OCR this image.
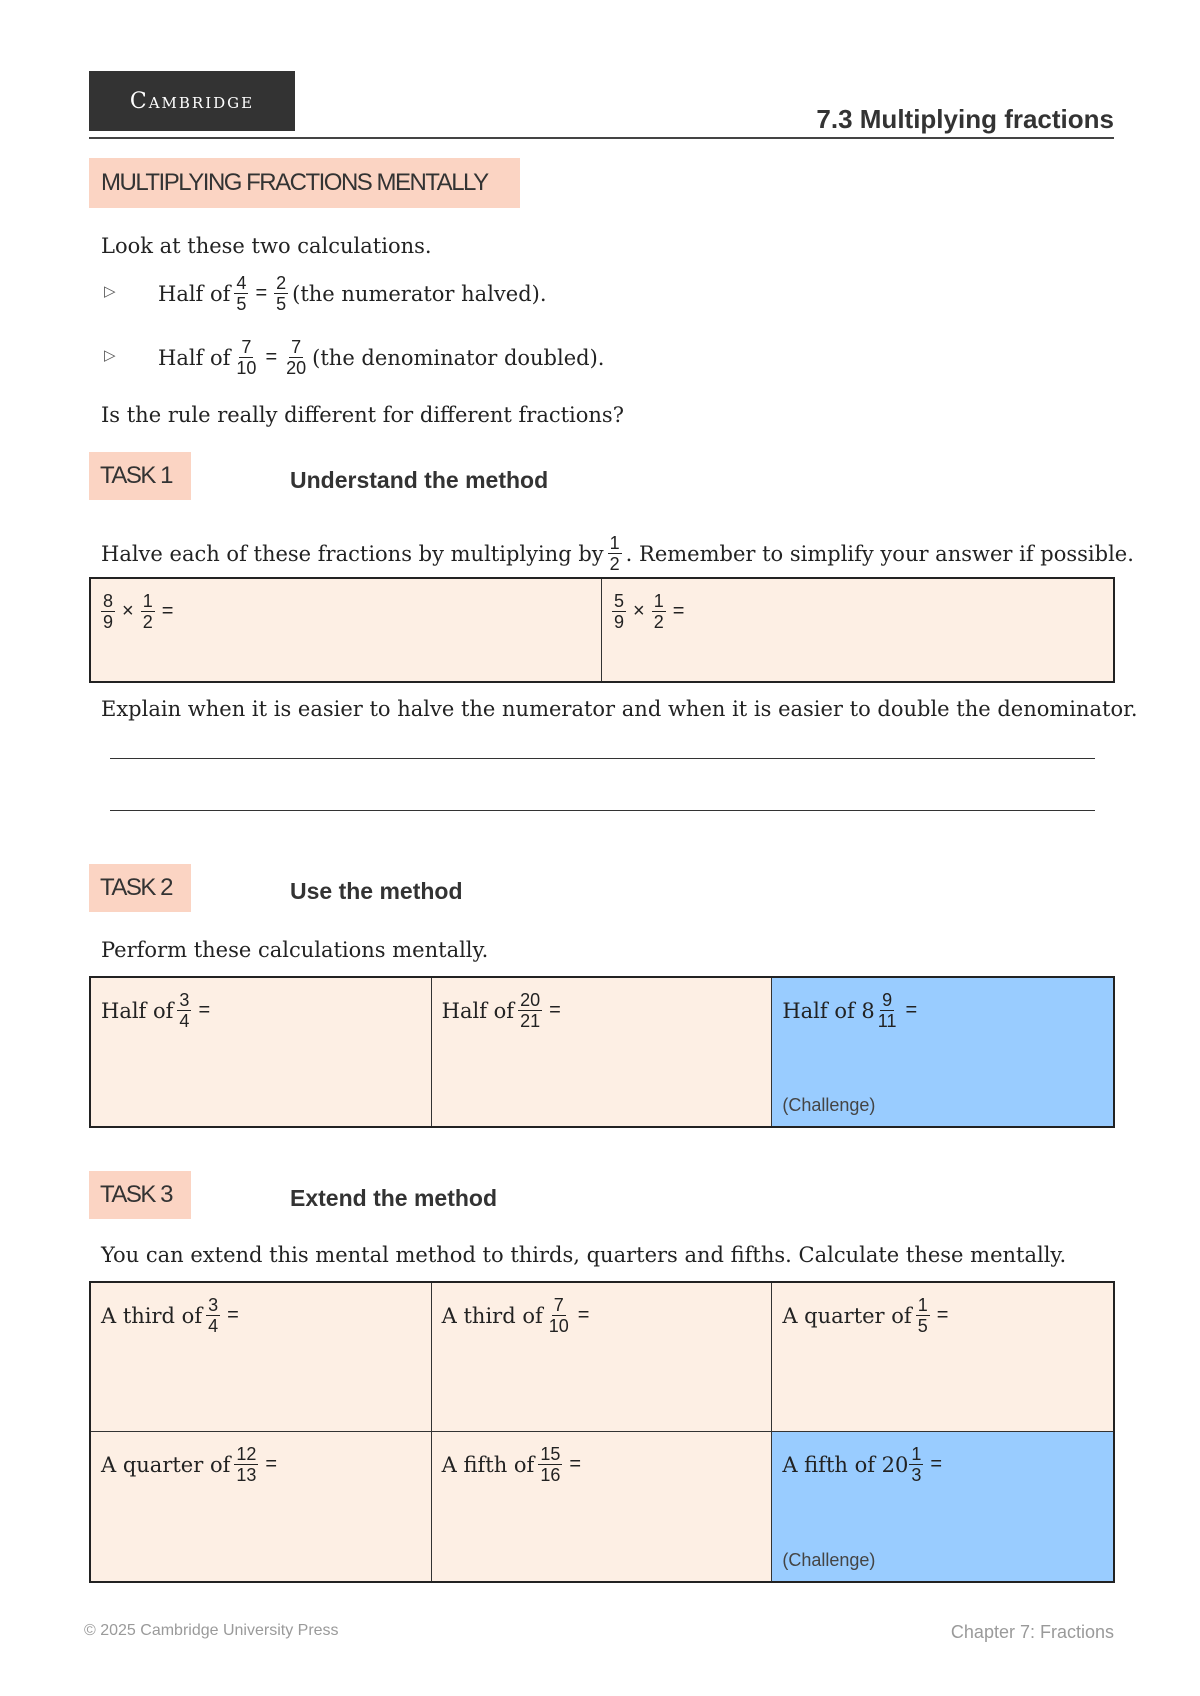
Cambridge
7.3 Multiplying fractions
MULTIPLYING FRACTIONS MENTALLY
Look at these two calculations.
▷ Half of $\frac{4}{5} = \frac{2}{5} (the$ numerator halved).
▷ Half of $\frac{7}{10} = \frac{7}{20} (the$ denominator doubled).
Is the rule really different for different fractions?
TASK 1	Understand the method
Halve each of these fractions by multiplying by $\frac{1}{2}$ . Remember to simplify your answer if possible.
$\frac{8}{9} \times \frac{1}{2}$ =	$\frac{5}{9} \times \frac{1}{2}$ =
Explain when it is easier to halve the numerator and when it is easier to double the denominator.
TASK 2	Use the method
Perform these calculations mentally.
Half of $\frac{3}{4}$ =	Half of $\frac{20}{21}$ =	Half of $8 \frac{9}{11}$ =
(Challenge)
TASK 3	Extend the method
You can extend this mental method to thirds, quarters and fifths. Calculate these mentally.
A third of $\frac{3}{4}$ =	A third of $\frac{7}{10}$ =	A quarter of $\frac{1}{5}$ =
A quarter of $\frac{12}{13}$ =	A fifth of $\frac{15}{16}$ =	A fifth of $20 \frac{1}{3}$ =
(Challenge)
© 2025 Cambridge University Press	Chapter 7: Fractions
